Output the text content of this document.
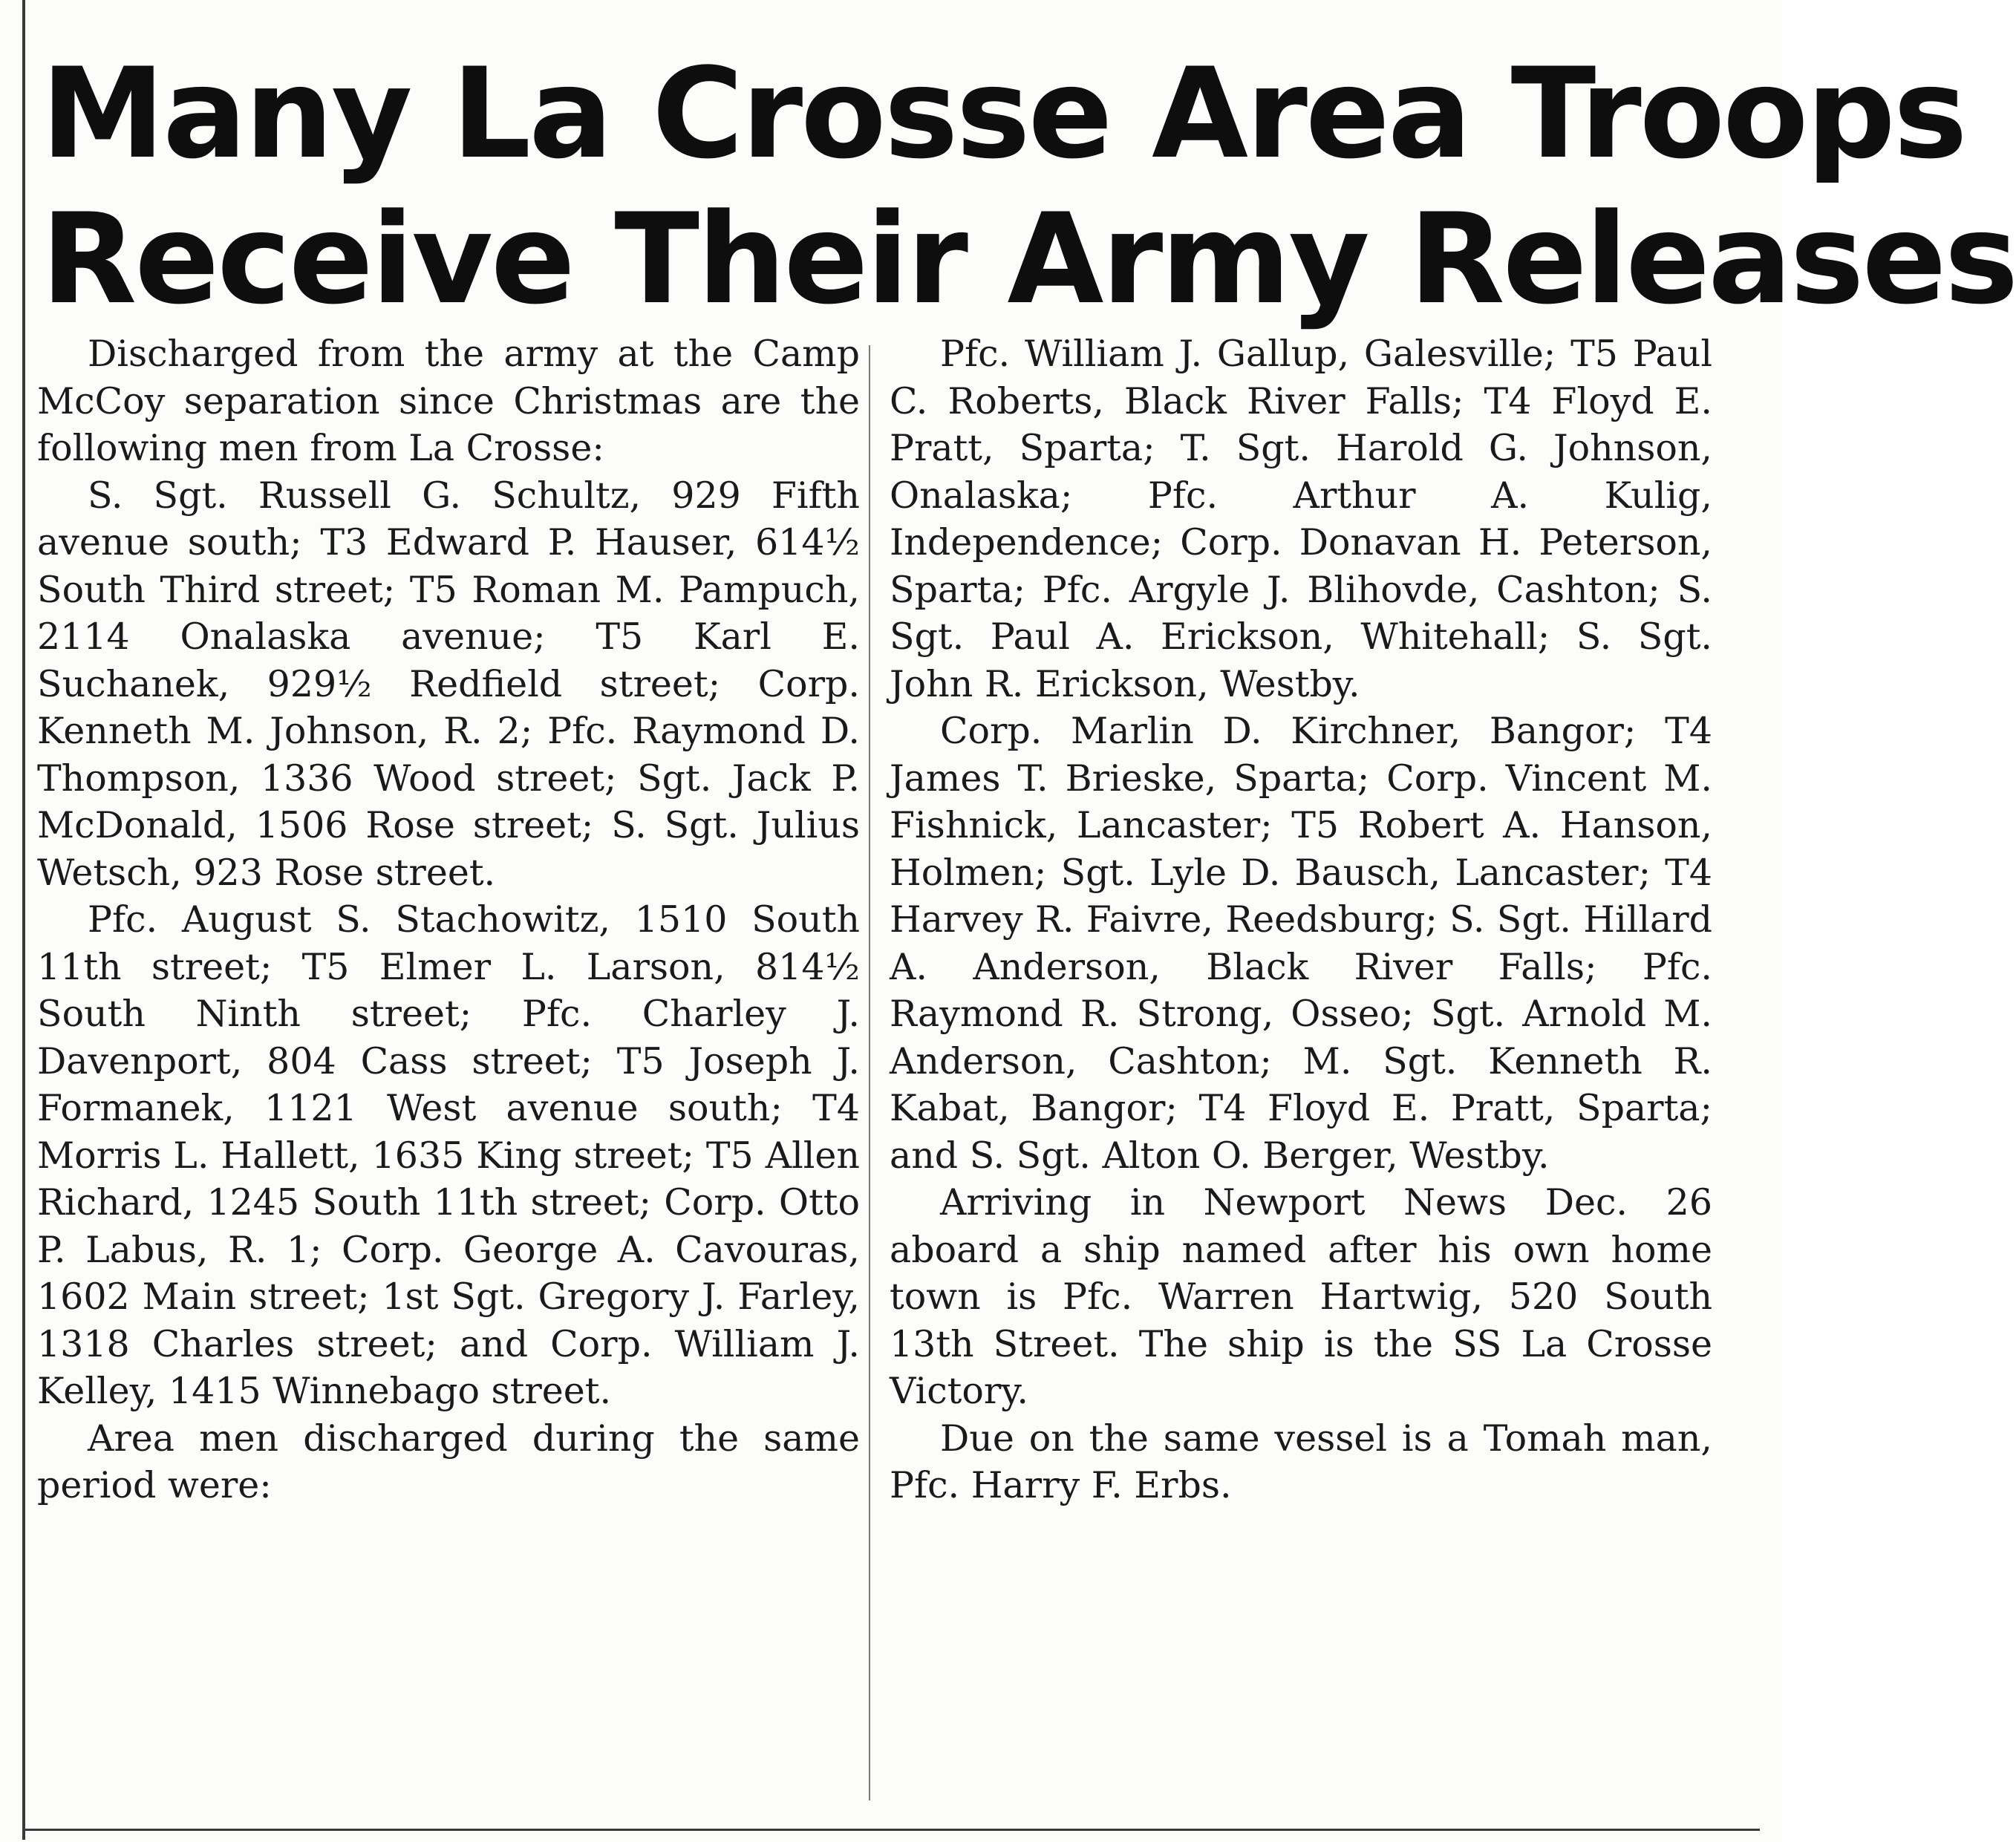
Many La Crosse Area Troops
Receive Their Army Releases

Discharged from the army at the Camp McCoy separation since Christmas are the following men from La Crosse:

S. Sgt. Russell G. Schultz, 929 Fifth avenue south; T3 Edward P. Hauser, 614½ South Third street; T5 Roman M. Pampuch, 2114 Onalaska avenue; T5 Karl E. Suchanek, 929½ Redfield street; Corp. Kenneth M. Johnson, R. 2; Pfc. Raymond D. Thompson, 1336 Wood street; Sgt. Jack P. McDonald, 1506 Rose street; S. Sgt. Julius Wetsch, 923 Rose street.

Pfc. August S. Stachowitz, 1510 South 11th street; T5 Elmer L. Larson, 814½ South Ninth street; Pfc. Charley J. Davenport, 804 Cass street; T5 Joseph J. Formanek, 1121 West avenue south; T4 Morris L. Hallett, 1635 King street; T5 Allen Richard, 1245 South 11th street; Corp. Otto P. Labus, R. 1; Corp. George A. Cavouras, 1602 Main street; 1st Sgt. Gregory J. Farley, 1318 Charles street; and Corp. William J. Kelley, 1415 Winnebago street.

Area men discharged during the same period were:

Pfc. William J. Gallup, Galesville; T5 Paul C. Roberts, Black River Falls; T4 Floyd E. Pratt, Sparta; T. Sgt. Harold G. Johnson, Onalaska; Pfc. Arthur A. Kulig, Independence; Corp. Donavan H. Peterson, Sparta; Pfc. Argyle J. Blihovde, Cashton; S. Sgt. Paul A. Erickson, Whitehall; S. Sgt. John R. Erickson, Westby.

Corp. Marlin D. Kirchner, Bangor; T4 James T. Brieske, Sparta; Corp. Vincent M. Fishnick, Lancaster; T5 Robert A. Hanson, Holmen; Sgt. Lyle D. Bausch, Lancaster; T4 Harvey R. Faivre, Reedsburg; S. Sgt. Hillard A. Anderson, Black River Falls; Pfc. Raymond R. Strong, Osseo; Sgt. Arnold M. Anderson, Cashton; M. Sgt. Kenneth R. Kabat, Bangor; T4 Floyd E. Pratt, Sparta; and S. Sgt. Alton O. Berger, Westby.

Arriving in Newport News Dec. 26 aboard a ship named after his own home town is Pfc. Warren Hartwig, 520 South 13th Street. The ship is the SS La Crosse Victory.

Due on the same vessel is a Tomah man, Pfc. Harry F. Erbs.
